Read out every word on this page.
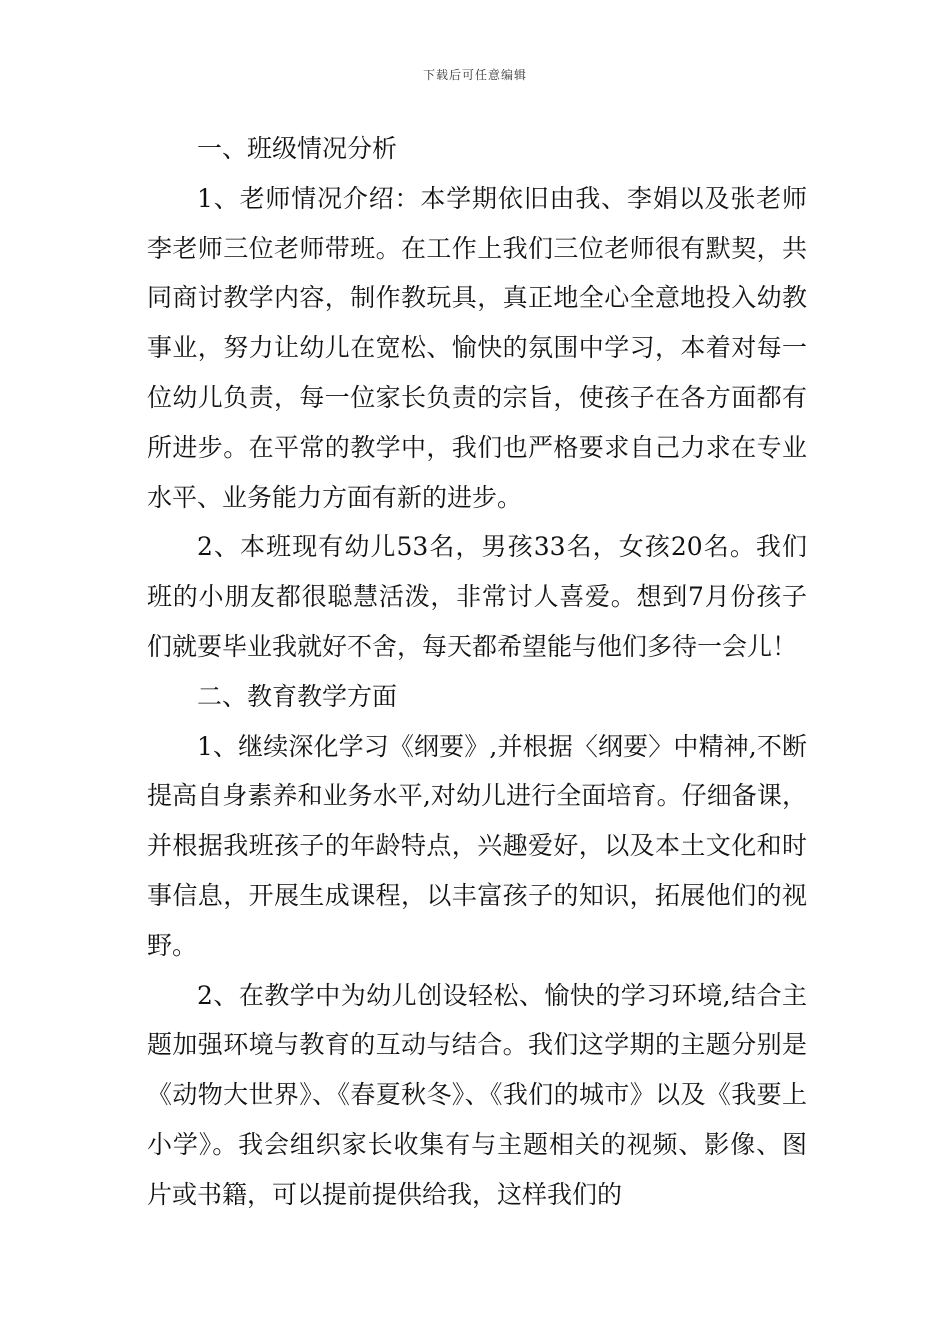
下载后可任意编辑

一、班级情况分析

1、老师情况介绍：本学期依旧由我、李娟以及张老师李老师三位老师带班。在工作上我们三位老师很有默契，共同商讨教学内容，制作教玩具，真正地全心全意地投入幼教事业，努力让幼儿在宽松、愉快的氛围中学习，本着对每一位幼儿负责，每一位家长负责的宗旨，使孩子在各方面都有所进步。在平常的教学中，我们也严格要求自己力求在专业水平、业务能力方面有新的进步。

2、本班现有幼儿53名，男孩33名，女孩20名。我们班的小朋友都很聪慧活泼，非常讨人喜爱。想到7月份孩子们就要毕业我就好不舍，每天都希望能与他们多待一会儿！

二、教育教学方面

1、继续深化学习《纲要》,并根据〈纲要〉中精神,不断提高自身素养和业务水平,对幼儿进行全面培育。仔细备课，并根据我班孩子的年龄特点，兴趣爱好，以及本土文化和时事信息，开展生成课程，以丰富孩子的知识，拓展他们的视野。

2、在教学中为幼儿创设轻松、愉快的学习环境,结合主题加强环境与教育的互动与结合。我们这学期的主题分别是《动物大世界》、《春夏秋冬》、《我们的城市》以及《我要上小学》。我会组织家长收集有与主题相关的视频、影像、图片或书籍，可以提前提供给我，这样我们的
